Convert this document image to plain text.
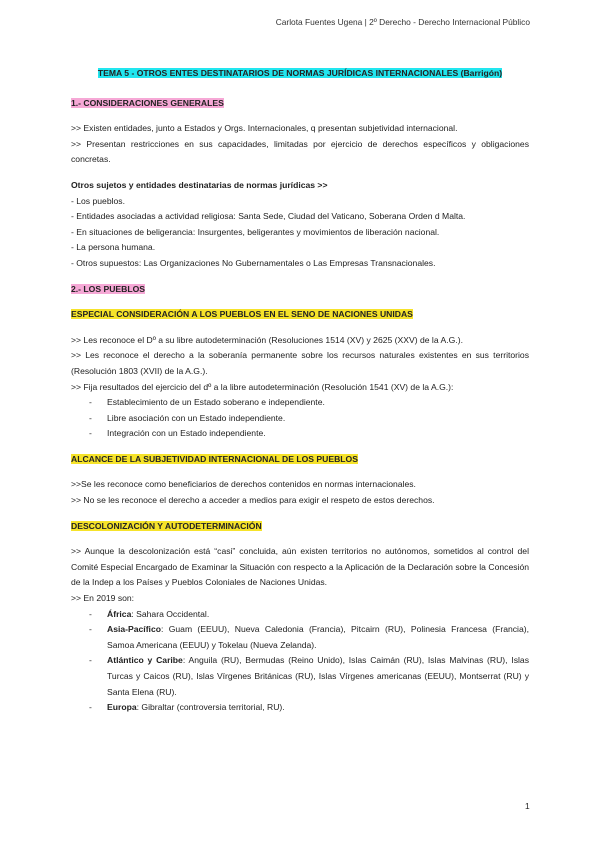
Carlota Fuentes Ugena | 2º Derecho - Derecho Internacional Público
TEMA 5 - OTROS ENTES DESTINATARIOS DE NORMAS JURÍDICAS INTERNACIONALES (Barrigón)

1.- CONSIDERACIONES GENERALES

>> Existen entidades, junto a Estados y Orgs. Internacionales, q presentan subjetividad internacional.

>> Presentan restricciones en sus capacidades, limitadas por ejercicio de derechos específicos y obligaciones concretas.

Otros sujetos y entidades destinatarias de normas jurídicas >>

- Los pueblos.

- Entidades asociadas a actividad religiosa: Santa Sede, Ciudad del Vaticano, Soberana Orden d Malta.

- En situaciones de beligerancia: Insurgentes, beligerantes y movimientos de liberación nacional.

- La persona humana.

- Otros supuestos: Las Organizaciones No Gubernamentales o Las Empresas Transnacionales.

2.- LOS PUEBLOS

ESPECIAL CONSIDERACIÓN A LOS PUEBLOS EN EL SENO DE NACIONES UNIDAS

>> Les reconoce el Dº a su libre autodeterminación (Resoluciones 1514 (XV) y 2625 (XXV) de la A.G.).

>> Les reconoce el derecho a la soberanía permanente sobre los recursos naturales existentes en sus territorios (Resolución 1803 (XVII) de la A.G.).

>> Fija resultados del ejercicio del dº a la libre autodeterminación (Resolución 1541 (XV) de la A.G.):

- Establecimiento de un Estado soberano e independiente.
- Libre asociación con un Estado independiente.
- Integración con un Estado independiente.

ALCANCE DE LA SUBJETIVIDAD INTERNACIONAL DE LOS PUEBLOS

>>Se les reconoce como beneficiarios de derechos contenidos en normas internacionales.

>> No se les reconoce el derecho a acceder a medios para exigir el respeto de estos derechos.

DESCOLONIZACIÓN Y AUTODETERMINACIÓN

>> Aunque la descolonización está “casi” concluida, aún existen territorios no autónomos, sometidos al control del Comité Especial Encargado de Examinar la Situación con respecto a la Aplicación de la Declaración sobre la Concesión de la Indep a los Países y Pueblos Coloniales de Naciones Unidas.

>> En 2019 son:

- África: Sahara Occidental.
- Asia-Pacífico: Guam (EEUU), Nueva Caledonia (Francia), Pitcairn (RU), Polinesia Francesa (Francia), Samoa Americana (EEUU) y Tokelau (Nueva Zelanda).
- Atlántico y Caribe: Anguila (RU), Bermudas (Reino Unido), Islas Caimán (RU), Islas Malvinas (RU), Islas Turcas y Caicos (RU), Islas Vírgenes Británicas (RU), Islas Vírgenes americanas (EEUU), Montserrat (RU) y Santa Elena (RU).
- Europa: Gibraltar (controversia territorial, RU).
1
